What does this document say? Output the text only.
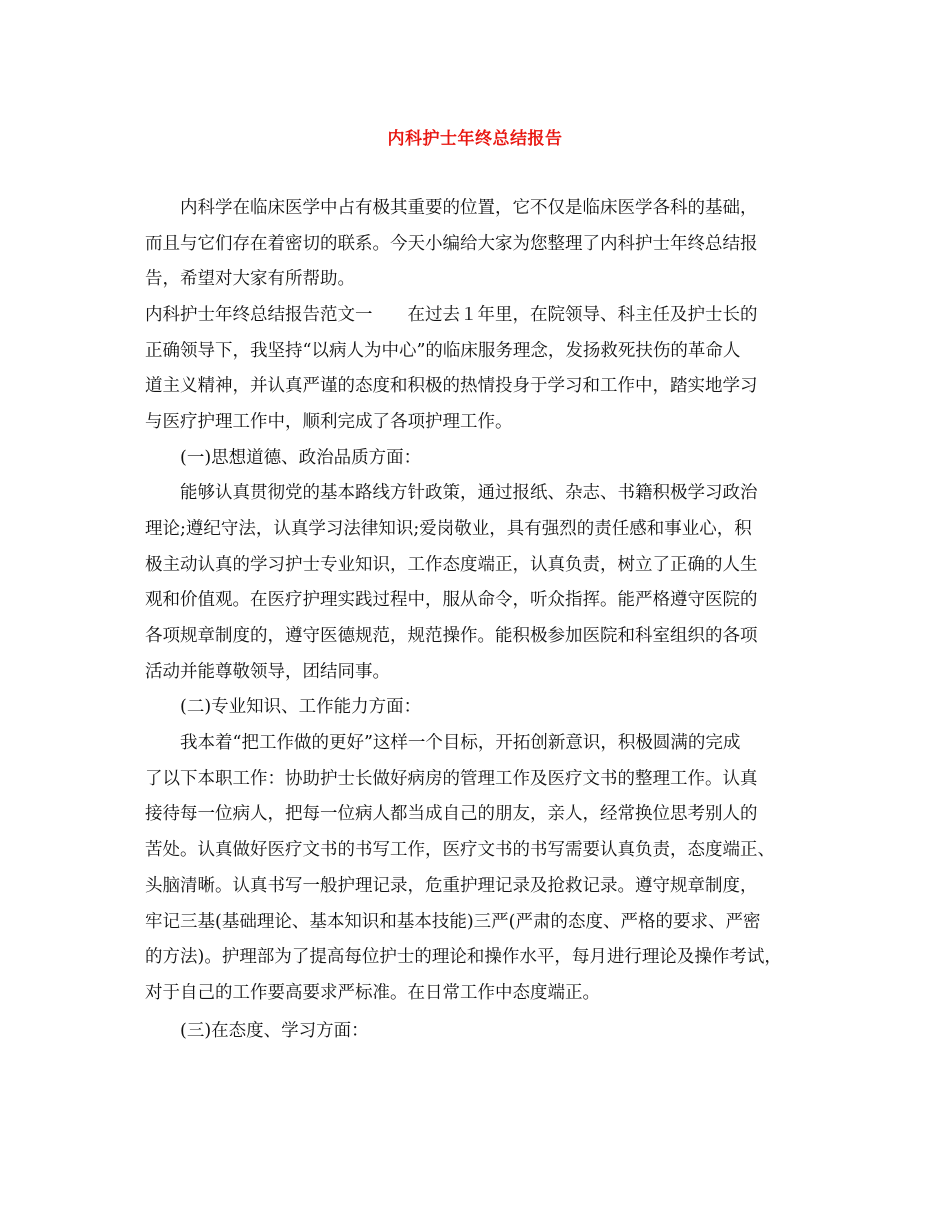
内科护士年终总结报告
内科学在临床医学中占有极其重要的位置，它不仅是临床医学各科的基础，
而且与它们存在着密切的联系。今天小编给大家为您整理了内科护士年终总结报
告，希望对大家有所帮助。
内科护士年终总结报告范文一　　在过去１年里，在院领导、科主任及护士长的
正确领导下，我坚持“以病人为中心”的临床服务理念，发扬救死扶伤的革命人
道主义精神，并认真严谨的态度和积极的热情投身于学习和工作中，踏实地学习
与医疗护理工作中，顺利完成了各项护理工作。
(一)思想道德、政治品质方面：
能够认真贯彻党的基本路线方针政策，通过报纸、杂志、书籍积极学习政治
理论;遵纪守法，认真学习法律知识;爱岗敬业，具有强烈的责任感和事业心，积
极主动认真的学习护士专业知识，工作态度端正，认真负责，树立了正确的人生
观和价值观。在医疗护理实践过程中，服从命令，听众指挥。能严格遵守医院的
各项规章制度的，遵守医德规范，规范操作。能积极参加医院和科室组织的各项
活动并能尊敬领导，团结同事。
(二)专业知识、工作能力方面：
我本着“把工作做的更好”这样一个目标，开拓创新意识，积极圆满的完成
了以下本职工作：协助护士长做好病房的管理工作及医疗文书的整理工作。认真
接待每一位病人，把每一位病人都当成自己的朋友，亲人，经常换位思考别人的
苦处。认真做好医疗文书的书写工作，医疗文书的书写需要认真负责，态度端正、
头脑清晰。认真书写一般护理记录，危重护理记录及抢救记录。遵守规章制度，
牢记三基(基础理论、基本知识和基本技能)三严(严肃的态度、严格的要求、严密
的方法)。护理部为了提高每位护士的理论和操作水平，每月进行理论及操作考试，
对于自己的工作要高要求严标准。在日常工作中态度端正。
(三)在态度、学习方面：
